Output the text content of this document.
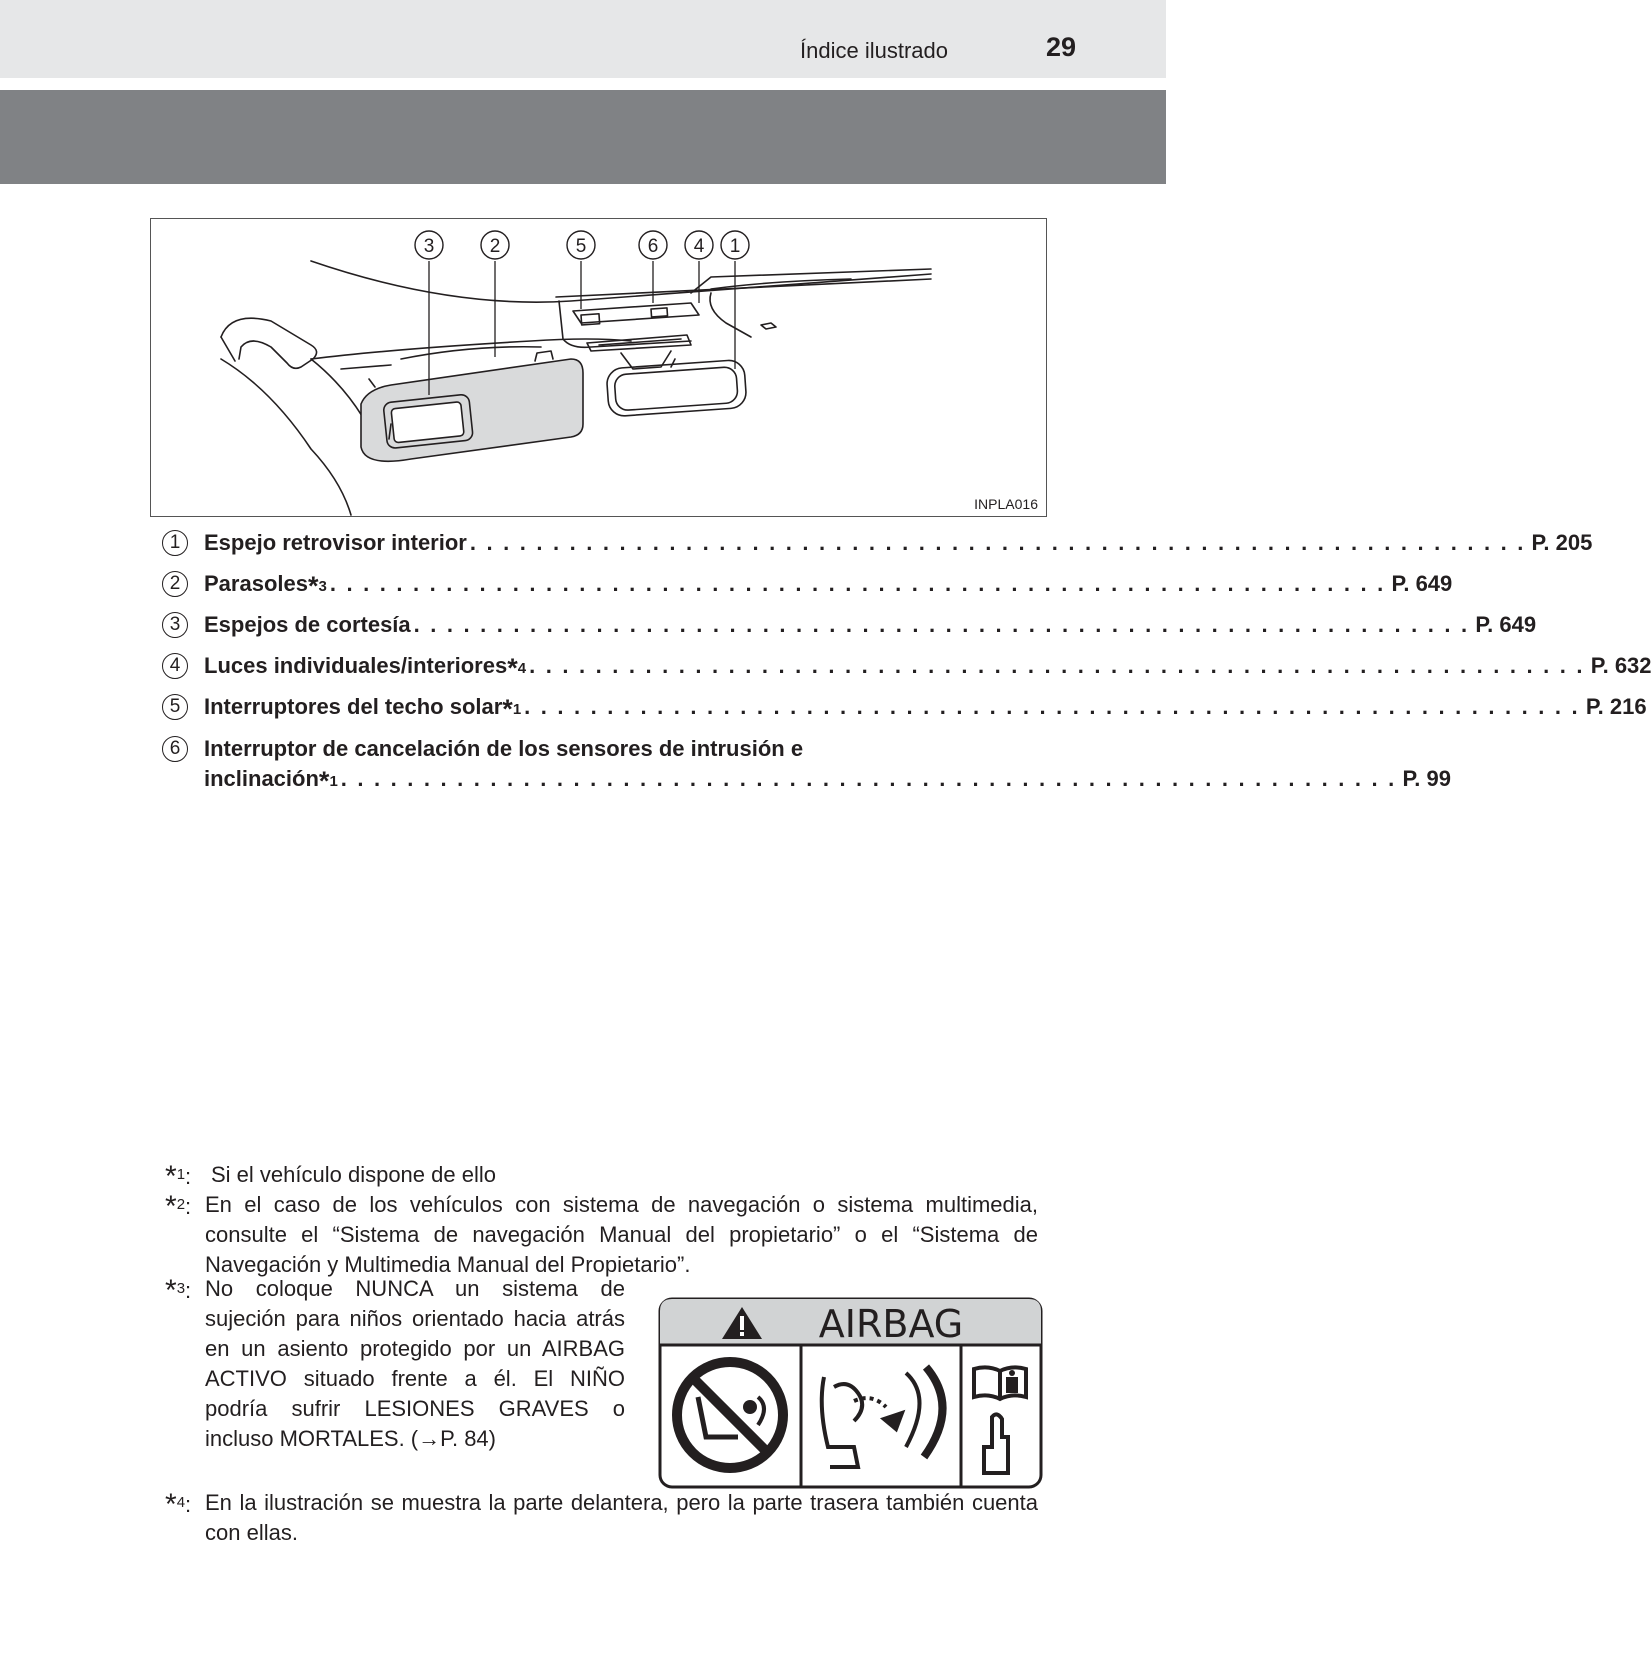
Índice ilustrado	29
3	2	5	6 4 1
INPLA016
1	Espejo retrovisor interior . . . . . . . . . . . . . . . . . . . . . . . . . . . . . . . . . . . . . . . . . . . . . . . . . . . . . . . . . . . . . . . . P. 205
2	Parasoles *3 . . . . . . . . . . . . . . . . . . . . . . . . . . . . . . . . . . . . . . . . . . . . . . . . . . . . . . . . . . . . . . . . P. 649
3	Espejos de cortesía . . . . . . . . . . . . . . . . . . . . . . . . . . . . . . . . . . . . . . . . . . . . . . . . . . . . . . . . . . . . . . . . P. 649
4	Luces individuales/interiores *4 . . . . . . . . . . . . . . . . . . . . . . . . . . . . . . . . . . . . . . . . . . . . . . . . . . . . . . . . . . . . . . . . P. 632
5	Interruptores del techo solar *1 . . . . . . . . . . . . . . . . . . . . . . . . . . . . . . . . . . . . . . . . . . . . . . . . . . . . . . . . . . . . . . . . P. 216
6	Interruptor de cancelación de los sensores de intrusión e
inclinación *1 . . . . . . . . . . . . . . . . . . . . . . . . . . . . . . . . . . . . . . . . . . . . . . . . . . . . . . . . . . . . . . . . P. 99
*$^1$: Si el vehículo dispone de ello
*$^2$: En el caso de los vehículos con sistema de navegación o sistema multimedia, consulte el “Sistema de navegación Manual del propietario” o el “Sistema de Navegación y Multimedia Manual del Propietario”.
*$^3$: No coloque NUNCA un sistema de sujeción para niños orientado hacia atrás en un asiento protegido por un AIRBAG ACTIVO situado frente a él. El NIÑO podría sufrir LESIONES GRAVES o incluso MORTALES. (→P. 84)
*$^4$: En la ilustración se muestra la parte delantera, pero la parte trasera también cuenta con ellas.
AIRBAG
